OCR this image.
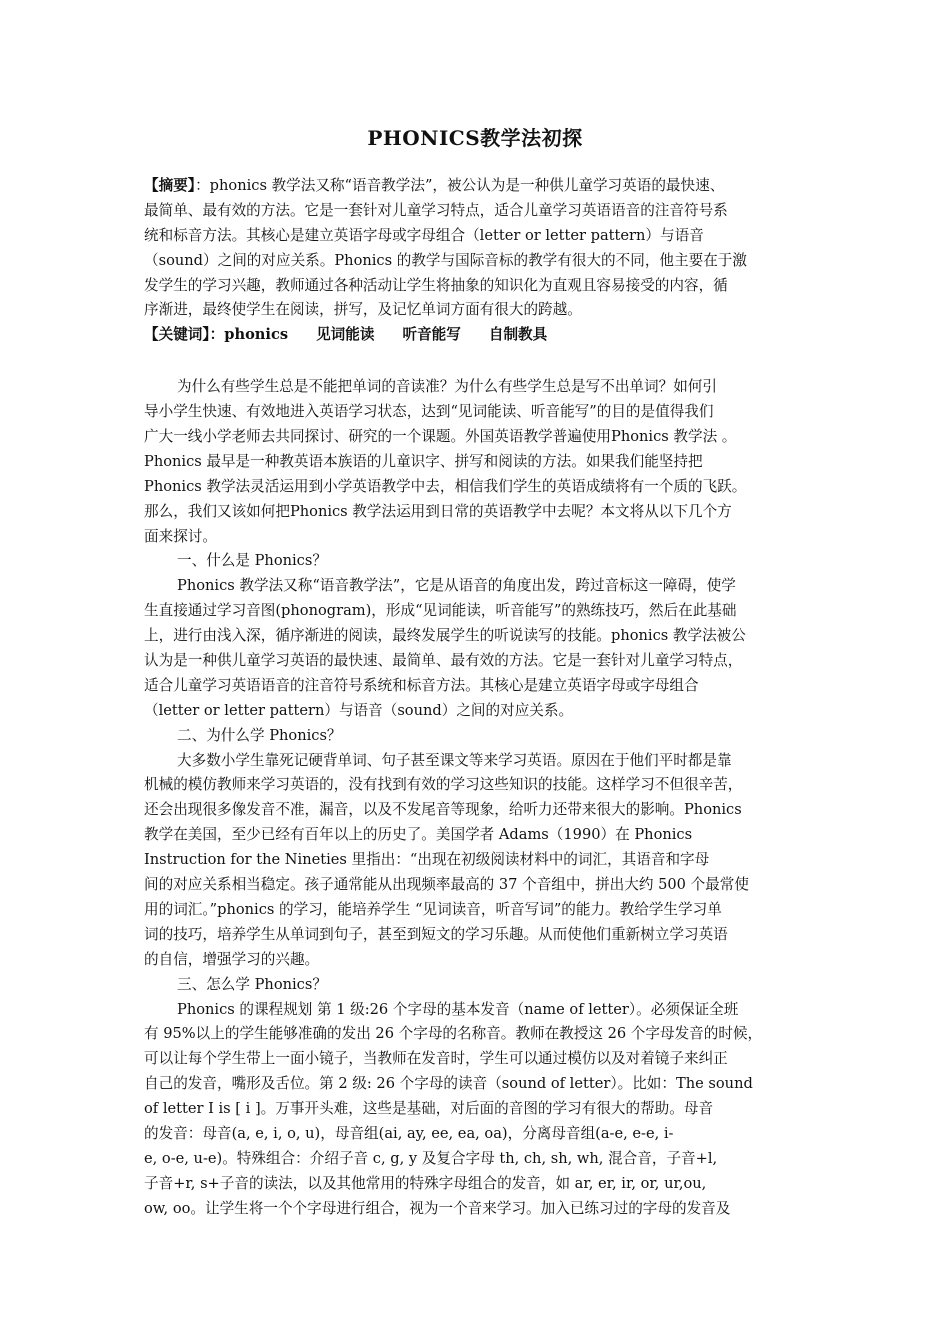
PHONICS教学法初探
【摘要】：phonics 教学法又称“语音教学法”，被公认为是一种供儿童学习英语的最快速、
最简单、最有效的方法。它是一套针对儿童学习特点，适合儿童学习英语语音的注音符号系
统和标音方法。其核心是建立英语字母或字母组合（letter or letter pattern）与语音
（sound）之间的对应关系。Phonics 的教学与国际音标的教学有很大的不同，他主要在于激
发学生的学习兴趣，教师通过各种活动让学生将抽象的知识化为直观且容易接受的内容，循
序渐进，最终使学生在阅读，拼写，及记忆单词方面有很大的跨越。
【关键词】：phonics 见词能读 听音能写 自制教具
为什么有些学生总是不能把单词的音读准？为什么有些学生总是写不出单词？如何引
导小学生快速、有效地进入英语学习状态，达到“见词能读、听音能写”的目的是值得我们
广大一线小学老师去共同探讨、研究的一个课题。外国英语教学普遍使用Phonics 教学法 。
Phonics 最早是一种教英语本族语的儿童识字、拼写和阅读的方法。如果我们能坚持把
Phonics 教学法灵活运用到小学英语教学中去，相信我们学生的英语成绩将有一个质的飞跃。
那么，我们又该如何把Phonics 教学法运用到日常的英语教学中去呢？本文将从以下几个方
面来探讨。
一、什么是 Phonics？
Phonics 教学法又称“语音教学法”，它是从语音的角度出发，跨过音标这一障碍，使学
生直接通过学习音图(phonogram)，形成“见词能读，听音能写”的熟练技巧，然后在此基础
上，进行由浅入深，循序渐进的阅读，最终发展学生的听说读写的技能。phonics 教学法被公
认为是一种供儿童学习英语的最快速、最简单、最有效的方法。它是一套针对儿童学习特点，
适合儿童学习英语语音的注音符号系统和标音方法。其核心是建立英语字母或字母组合
（letter or letter pattern）与语音（sound）之间的对应关系。
二、为什么学 Phonics？
大多数小学生靠死记硬背单词、句子甚至课文等来学习英语。原因在于他们平时都是靠
机械的模仿教师来学习英语的，没有找到有效的学习这些知识的技能。这样学习不但很辛苦，
还会出现很多像发音不准，漏音，以及不发尾音等现象，给听力还带来很大的影响。Phonics
教学在美国，至少已经有百年以上的历史了。美国学者 Adams（1990）在 Phonics
Instruction for the Nineties 里指出：“出现在初级阅读材料中的词汇，其语音和字母
间的对应关系相当稳定。孩子通常能从出现频率最高的 37 个音组中，拼出大约 500 个最常使
用的词汇。”phonics 的学习，能培养学生 “见词读音，听音写词”的能力。教给学生学习单
词的技巧，培养学生从单词到句子，甚至到短文的学习乐趣。从而使他们重新树立学习英语
的自信，增强学习的兴趣。
三、怎么学 Phonics？
Phonics 的课程规划 第 1 级:26 个字母的基本发音（name of letter）。必须保证全班
有 95%以上的学生能够准确的发出 26 个字母的名称音。教师在教授这 26 个字母发音的时候，
可以让每个学生带上一面小镜子，当教师在发音时，学生可以通过模仿以及对着镜子来纠正
自己的发音，嘴形及舌位。第 2 级: 26 个字母的读音（sound of letter）。比如：The sound
of letter I is [ i ]。万事开头难，这些是基础，对后面的音图的学习有很大的帮助。母音
的发音：母音(a, e, i, o, u)，母音组(ai, ay, ee, ea, oa)，分离母音组(a-e, e-e, i-
e, o-e, u-e)。特殊组合：介绍子音 c, g, y 及复合字母 th, ch, sh, wh, 混合音，子音+l,
子音+r, s+子音的读法，以及其他常用的特殊字母组合的发音，如 ar, er, ir, or, ur,ou,
ow, oo。让学生将一个个字母进行组合，视为一个音来学习。加入已练习过的字母的发音及
